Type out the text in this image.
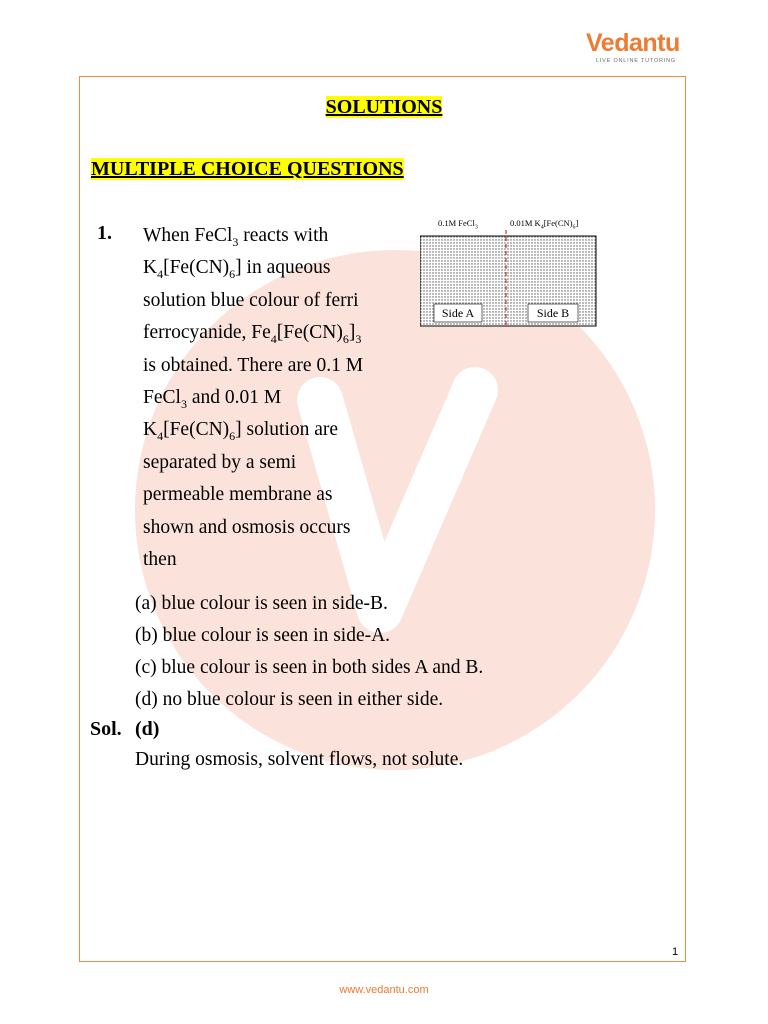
Vedantu
LIVE ONLINE TUTORING
SOLUTIONS
MULTIPLE CHOICE QUESTIONS
1. When FeCl$_3$ reacts with
$K_4[Fe(CN)_6]$ in aqueous
solution blue colour of ferri
ferrocyanide, $Fe_4[Fe(CN)_6]_3$
is obtained. There are 0.1 M
FeCl$_3$ and 0.01 M
$K_4[Fe(CN)_6]$ solution are
separated by a semi
permeable membrane as
shown and osmosis occurs
then
0.1M FeCl$_3$	0.01M $K_4[Fe(CN)_6]$
Side A	Side B
(a) blue colour is seen in side-B.
(b) blue colour is seen in side-A.
(c) blue colour is seen in both sides A and B.
(d) no blue colour is seen in either side.
Sol. (d)
During osmosis, solvent flows, not solute.
1
www.vedantu.com
